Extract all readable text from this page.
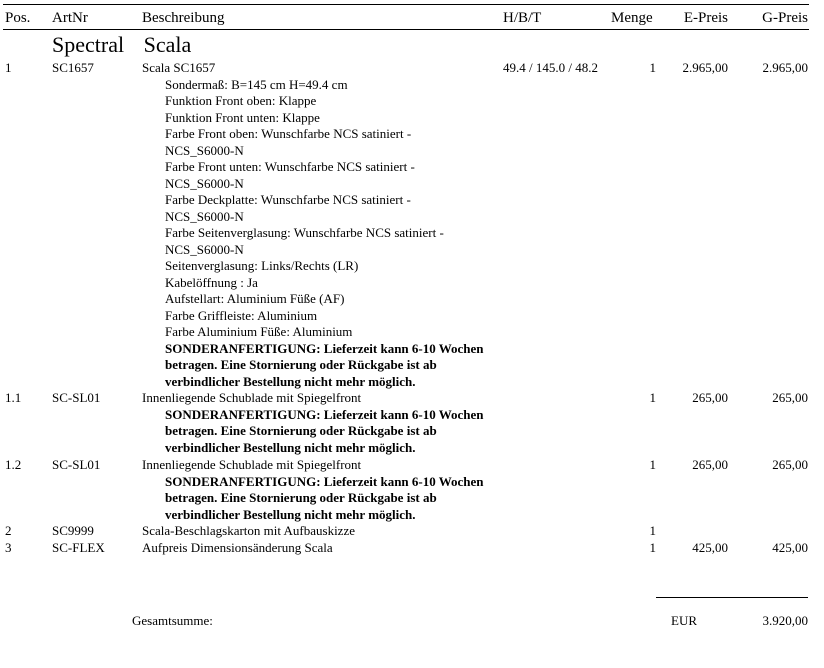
Pos. ArtNr	Beschreibung	H/B/T	Menge	E-Preis	G-Preis
Spectral Scala
1	SC1657	Scala SC1657	49.4 / 145.0 / 48.2	1	2.965,00	2.965,00
Sondermaß: B=145 cm H=49.4 cm
Funktion Front oben: Klappe
Funktion Front unten: Klappe
Farbe Front oben: Wunschfarbe NCS satiniert -
NCS_S6000-N
Farbe Front unten: Wunschfarbe NCS satiniert -
NCS_S6000-N
Farbe Deckplatte: Wunschfarbe NCS satiniert -
NCS_S6000-N
Farbe Seitenverglasung: Wunschfarbe NCS satiniert -
NCS_S6000-N
Seitenverglasung: Links/Rechts (LR)
Kabelöffnung : Ja
Aufstellart: Aluminium Füße (AF)
Farbe Griffleiste: Aluminium
Farbe Aluminium Füße: Aluminium
SONDERANFERTIGUNG: Lieferzeit kann 6-10 Wochen
betragen. Eine Stornierung oder Rückgabe ist ab
verbindlicher Bestellung nicht mehr möglich.
1.1 SC-SL01	Innenliegende Schublade mit Spiegelfront	1	265,00	265,00
SONDERANFERTIGUNG: Lieferzeit kann 6-10 Wochen
betragen. Eine Stornierung oder Rückgabe ist ab
verbindlicher Bestellung nicht mehr möglich.
1.2 SC-SL01	Innenliegende Schublade mit Spiegelfront	1	265,00	265,00
SONDERANFERTIGUNG: Lieferzeit kann 6-10 Wochen
betragen. Eine Stornierung oder Rückgabe ist ab
verbindlicher Bestellung nicht mehr möglich.
2	SC9999	Scala-Beschlagskarton mit Aufbauskizze	1
3	SC-FLEX	Aufpreis Dimensionsänderung Scala	1	425,00	425,00
Gesamtsumme:	EUR	3.920,00
